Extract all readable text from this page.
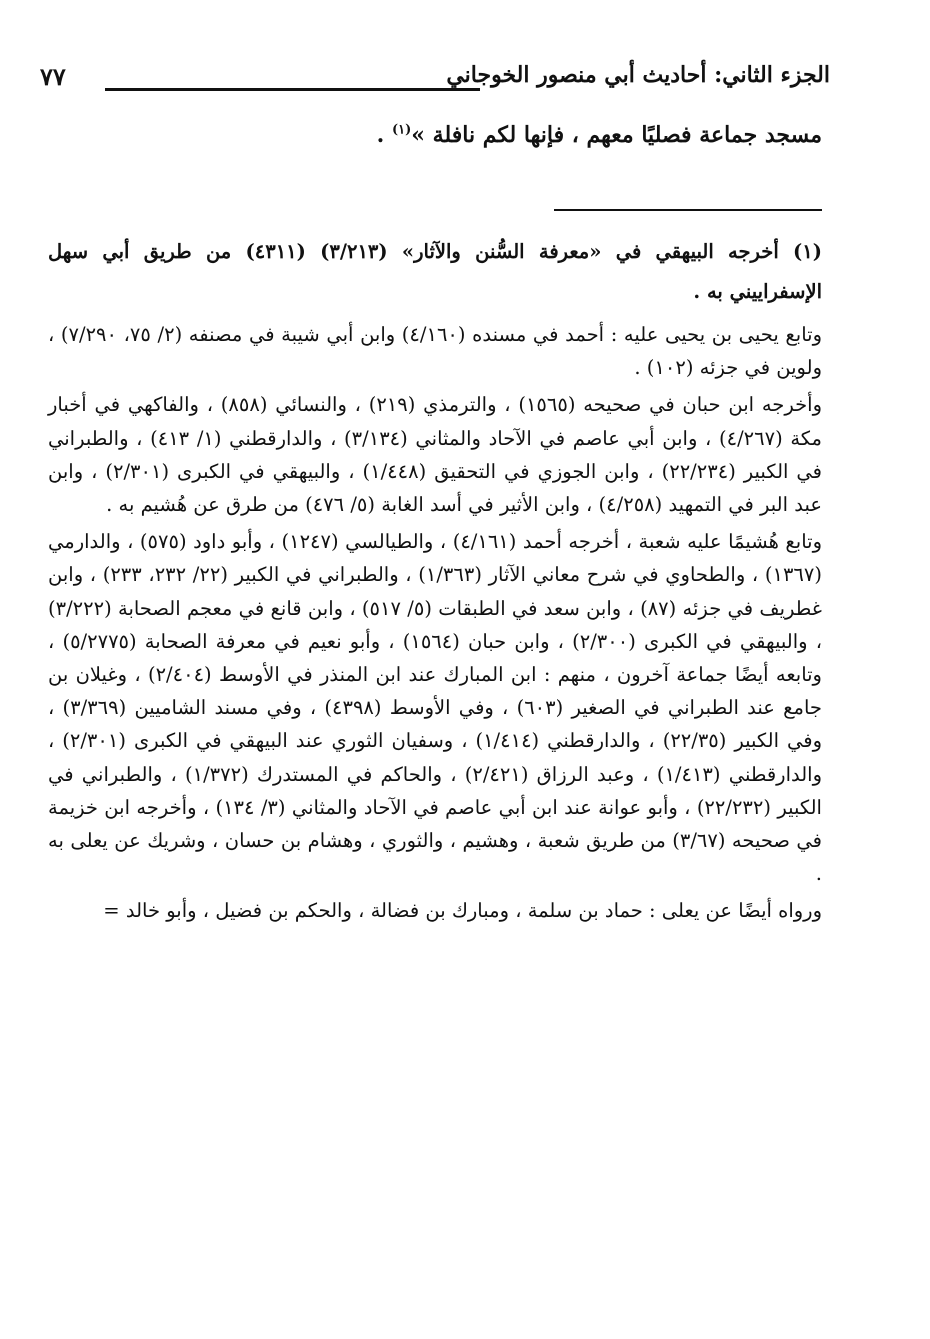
الجزء الثاني: أحاديث أبي منصور الخوجاني
٧٧
مسجد جماعة فصليًا معهم ، فإنها لكم نافلة »$^{(١)}$ .

(١) أخرجه البيهقي في «معرفة السُّنن والآثار» (٣/٢١٣) (٤٣١١) من طريق أبي سهل الإسفراييني به .

وتابع يحيى بن يحيى عليه : أحمد في مسنده (٤/١٦٠) وابن أبي شيبة في مصنفه (٢/ ٧٥، ٧/٢٩٠) ، ولوين في جزئه (١٠٢) .

وأخرجه ابن حبان في صحيحه (١٥٦٥) ، والترمذي (٢١٩) ، والنسائي (٨٥٨) ، والفاكهي في أخبار مكة (٤/٢٦٧) ، وابن أبي عاصم في الآحاد والمثاني (٣/١٣٤) ، والدارقطني (١/ ٤١٣) ، والطبراني في الكبير (٢٢/٢٣٤) ، وابن الجوزي في التحقيق (١/٤٤٨) ، والبيهقي في الكبرى (٢/٣٠١) ، وابن عبد البر في التمهيد (٤/٢٥٨) ، وابن الأثير في أسد الغابة (٥/ ٤٧٦) من طرق عن هُشيم به .

وتابع هُشيمًا عليه شعبة ، أخرجه أحمد (٤/١٦١) ، والطيالسي (١٢٤٧) ، وأبو داود (٥٧٥) ، والدارمي (١٣٦٧) ، والطحاوي في شرح معاني الآثار (١/٣٦٣) ، والطبراني في الكبير (٢٢/ ٢٣٢، ٢٣٣) ، وابن غطريف في جزئه (٨٧) ، وابن سعد في الطبقات (٥/ ٥١٧) ، وابن قانع في معجم الصحابة (٣/٢٢٢) ، والبيهقي في الكبرى (٢/٣٠٠) ، وابن حبان (١٥٦٤) ، وأبو نعيم في معرفة الصحابة (٥/٢٧٧٥) ، وتابعه أيضًا جماعة آخرون ، منهم : ابن المبارك عند ابن المنذر في الأوسط (٢/٤٠٤) ، وغيلان بن جامع عند الطبراني في الصغير (٦٠٣) ، وفي الأوسط (٤٣٩٨) ، وفي مسند الشاميين (٣/٣٦٩) ، وفي الكبير (٢٢/٣٥) ، والدارقطني (١/٤١٤) ، وسفيان الثوري عند البيهقي في الكبرى (٢/٣٠١) ، والدارقطني (١/٤١٣) ، وعبد الرزاق (٢/٤٢١) ، والحاكم في المستدرك (١/٣٧٢) ، والطبراني في الكبير (٢٢/٢٣٢) ، وأبو عوانة عند ابن أبي عاصم في الآحاد والمثاني (٣/ ١٣٤) ، وأخرجه ابن خزيمة في صحيحه (٣/٦٧) من طريق شعبة ، وهشيم ، والثوري ، وهشام بن حسان ، وشريك عن يعلى به .

ورواه أيضًا عن يعلى : حماد بن سلمة ، ومبارك بن فضالة ، والحكم بن فضيل ، وأبو خالد =
